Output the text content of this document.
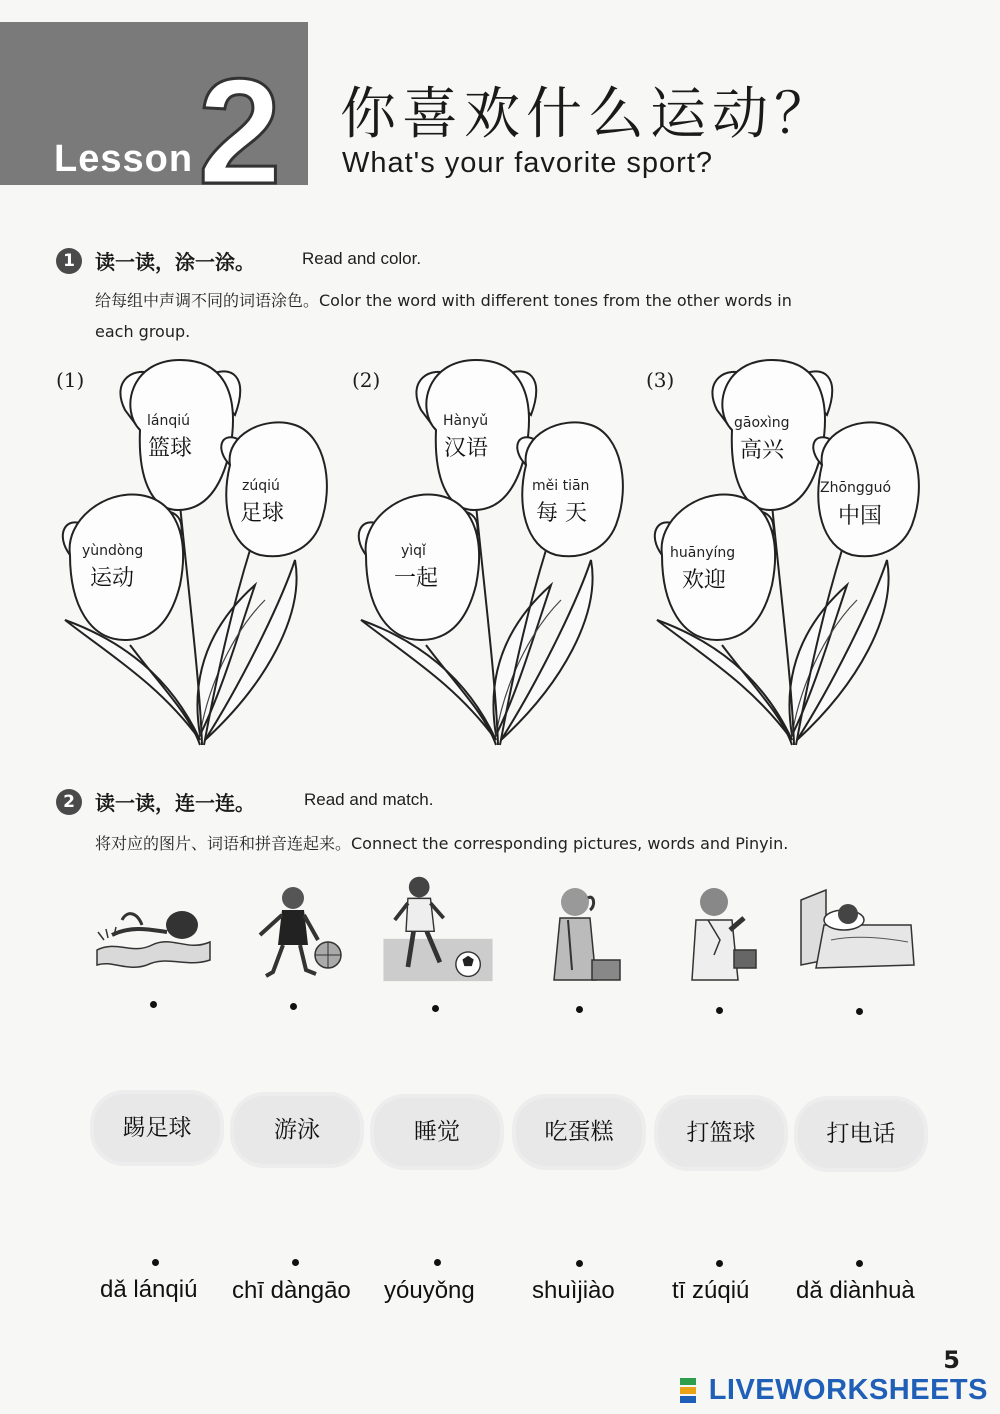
Lesson 2 你喜欢什么运动？
What's your favorite sport?
1	读一读，涂一涂。	Read and color.
给每组中声调不同的词语涂色。Color the word with different tones from the other words in
each group.
(1)	(2)	(3)
lánqiú
篮球
zúqiú
足球
yùndòng
运动
Hànyǔ
汉语
měi tiān
每 天
yìqǐ
一起
gāoxìng
高兴
Zhōngguó
中国
huānyíng
欢迎
2	读一读，连一连。	Read and match.
将对应的图片、词语和拼音连起来。Connect the corresponding pictures, words and Pinyin.
踢足球	游泳	睡觉	吃蛋糕	打篮球	打电话
dǎ lánqiú chī dàngāo yóuyǒng shuìjiào tī zúqiú dǎ diànhuà
5
LIVEWORKSHEETS
